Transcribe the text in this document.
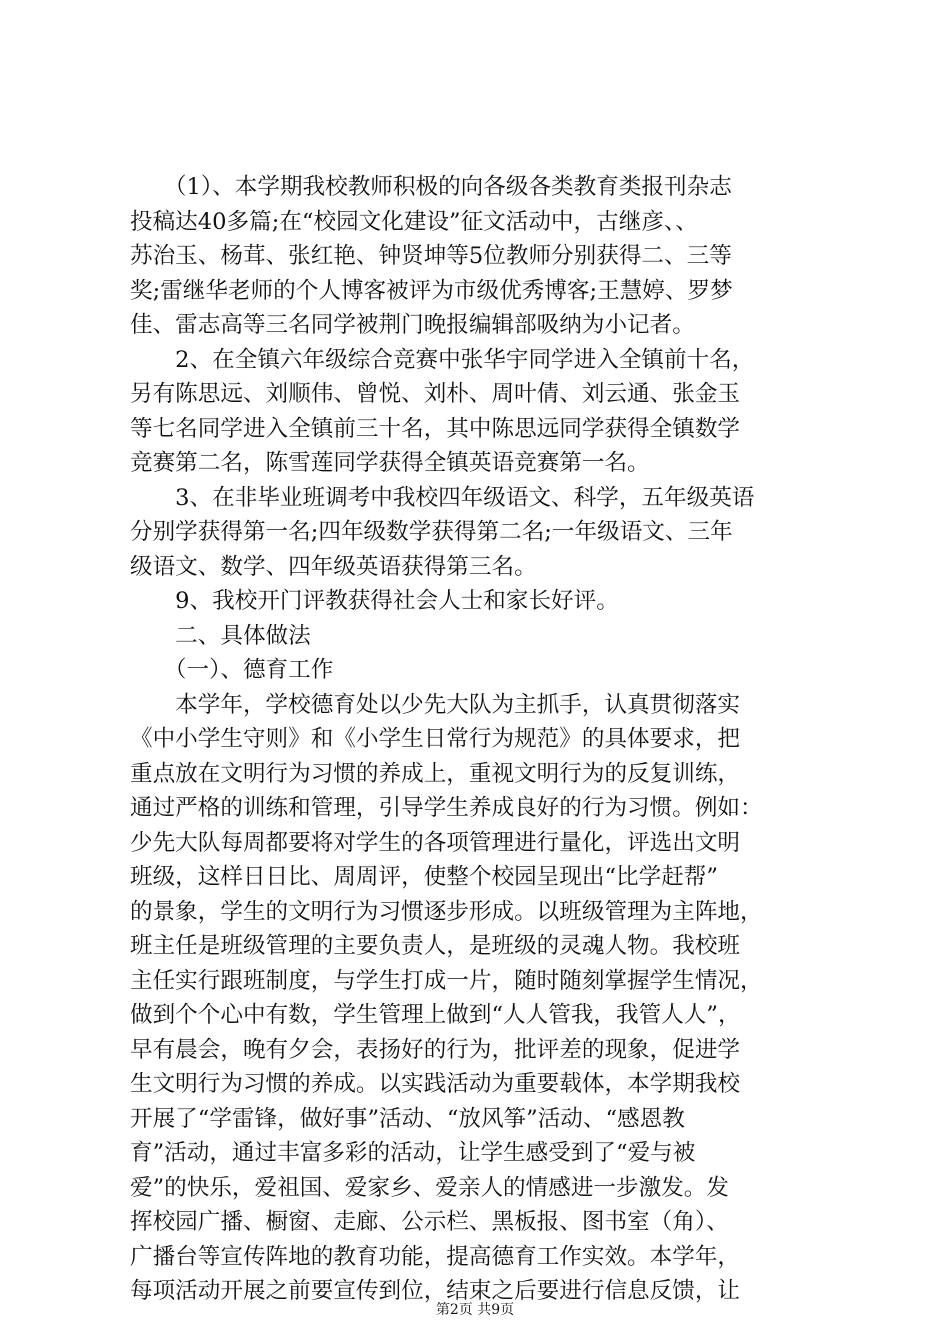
　　（1）、本学期我校教师积极的向各级各类教育类报刊杂志
投稿达40多篇;在“校园文化建设”征文活动中，古继彦、、
苏治玉、杨茸、张红艳、钟贤坤等5位教师分别获得二、三等
奖;雷继华老师的个人博客被评为市级优秀博客;王慧婷、罗梦
佳、雷志高等三名同学被荆门晚报编辑部吸纳为小记者。
　　2、在全镇六年级综合竞赛中张华宇同学进入全镇前十名，
另有陈思远、刘顺伟、曾悦、刘朴、周叶倩、刘云通、张金玉
等七名同学进入全镇前三十名，其中陈思远同学获得全镇数学
竞赛第二名，陈雪莲同学获得全镇英语竞赛第一名。
　　3、在非毕业班调考中我校四年级语文、科学，五年级英语
分别学获得第一名;四年级数学获得第二名;一年级语文、三年
级语文、数学、四年级英语获得第三名。
　　9、我校开门评教获得社会人士和家长好评。
　　二、具体做法
　　（一）、德育工作
　　本学年，学校德育处以少先大队为主抓手，认真贯彻落实
《中小学生守则》和《小学生日常行为规范》的具体要求，把
重点放在文明行为习惯的养成上，重视文明行为的反复训练，
通过严格的训练和管理，引导学生养成良好的行为习惯。例如：
少先大队每周都要将对学生的各项管理进行量化，评选出文明
班级，这样日日比、周周评，使整个校园呈现出“比学赶帮”
的景象，学生的文明行为习惯逐步形成。以班级管理为主阵地，
班主任是班级管理的主要负责人，是班级的灵魂人物。我校班
主任实行跟班制度，与学生打成一片，随时随刻掌握学生情况，
做到个个心中有数，学生管理上做到“人人管我，我管人人”，
早有晨会，晚有夕会，表扬好的行为，批评差的现象，促进学
生文明行为习惯的养成。以实践活动为重要载体，本学期我校
开展了“学雷锋，做好事”活动、“放风筝”活动、“感恩教
育”活动，通过丰富多彩的活动，让学生感受到了“爱与被
爱”的快乐，爱祖国、爱家乡、爱亲人的情感进一步激发。发
挥校园广播、橱窗、走廊、公示栏、黑板报、图书室（角）、
广播台等宣传阵地的教育功能，提高德育工作实效。本学年，
每项活动开展之前要宣传到位，结束之后要进行信息反馈，让
第2页 共9页
